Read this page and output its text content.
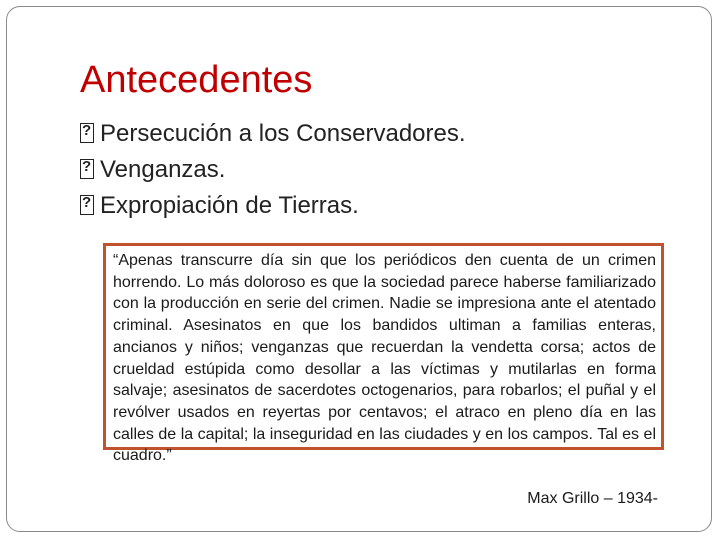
Antecedentes
?Persecución a los Conservadores.
?Venganzas.
?Expropiación de Tierras.

“Apenas transcurre día sin que los periódicos den cuenta de un crimen horrendo. Lo más doloroso es que la sociedad parece haberse familiarizado con la producción en serie del crimen. Nadie se impresiona ante el atentado criminal. Asesinatos en que los bandidos ultiman a familias enteras, ancianos y niños; venganzas que recuerdan la vendetta corsa; actos de crueldad estúpida como desollar a las víctimas y mutilarlas en forma salvaje; asesinatos de sacerdotes octogenarios, para robarlos; el puñal y el revólver usados en reyertas por centavos; el atraco en pleno día en las calles de la capital; la inseguridad en las ciudades y en los campos. Tal es el cuadro.”

Max Grillo – 1934-
